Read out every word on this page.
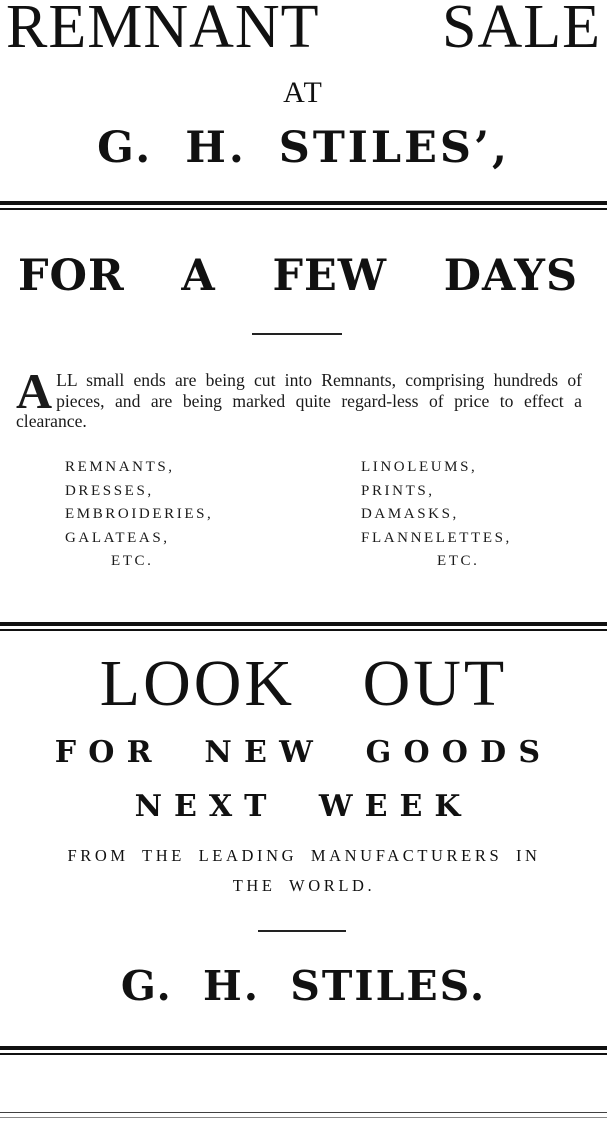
REMNANT SALE
AT
G. H. STILES’,
FOR A FEW DAYS
ALL small ends are being cut into Remnants, comprising hundreds of pieces, and are being marked quite regard-less of price to effect a clearance.
REMNANTS,
DRESSES,
EMBROIDERIES,
GALATEAS,
ETC.
LINOLEUMS,
PRINTS,
DAMASKS,
FLANNELETTES,
ETC.
LOOK OUT
FOR NEW GOODS
NEXT WEEK
FROM THE LEADING MANUFACTURERS IN THE WORLD.
G. H. STILES.
